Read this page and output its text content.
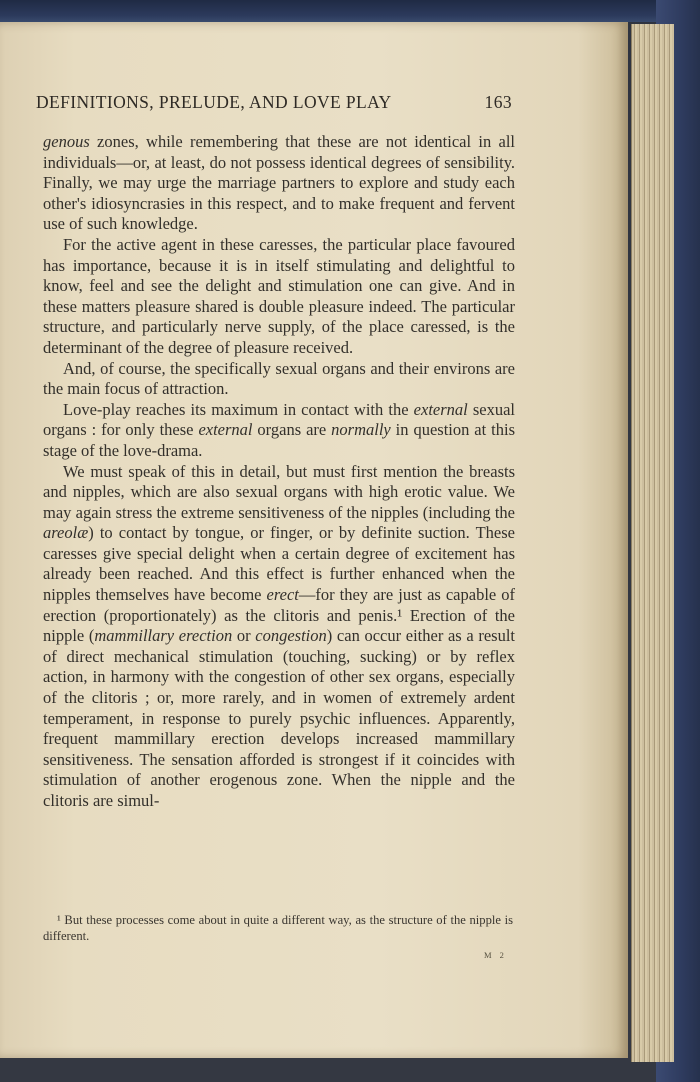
DEFINITIONS, PRELUDE, AND LOVE PLAY	163

genous zones, while remembering that these are not identical in all individuals—or, at least, do not possess identical degrees of sensibility. Finally, we may urge the marriage partners to explore and study each other's idiosyncrasies in this respect, and to make frequent and fervent use of such knowledge.

For the active agent in these caresses, the particular place favoured has importance, because it is in itself stimulating and delightful to know, feel and see the delight and stimulation one can give. And in these matters pleasure shared is double pleasure indeed. The particular structure, and particularly nerve supply, of the place caressed, is the determinant of the degree of pleasure received.

And, of course, the specifically sexual organs and their environs are the main focus of attraction.

Love-play reaches its maximum in contact with the external sexual organs : for only these external organs are normally in question at this stage of the love-drama.

We must speak of this in detail, but must first mention the breasts and nipples, which are also sexual organs with high erotic value. We may again stress the extreme sensitiveness of the nipples (including the areolæ) to contact by tongue, or finger, or by definite suction. These caresses give special delight when a certain degree of excitement has already been reached. And this effect is further enhanced when the nipples themselves have become erect—for they are just as capable of erection (proportionately) as the clitoris and penis.¹ Erection of the nipple (mammillary erection or congestion) can occur either as a result of direct mechanical stimulation (touching, sucking) or by reflex action, in harmony with the congestion of other sex organs, especially of the clitoris ; or, more rarely, and in women of extremely ardent temperament, in response to purely psychic influences. Apparently, frequent mammillary erection develops increased mammillary sensitiveness. The sensation afforded is strongest if it coincides with stimulation of another erogenous zone. When the nipple and the clitoris are simul-

¹ But these processes come about in quite a different way, as the structure of the nipple is different.
M 2
